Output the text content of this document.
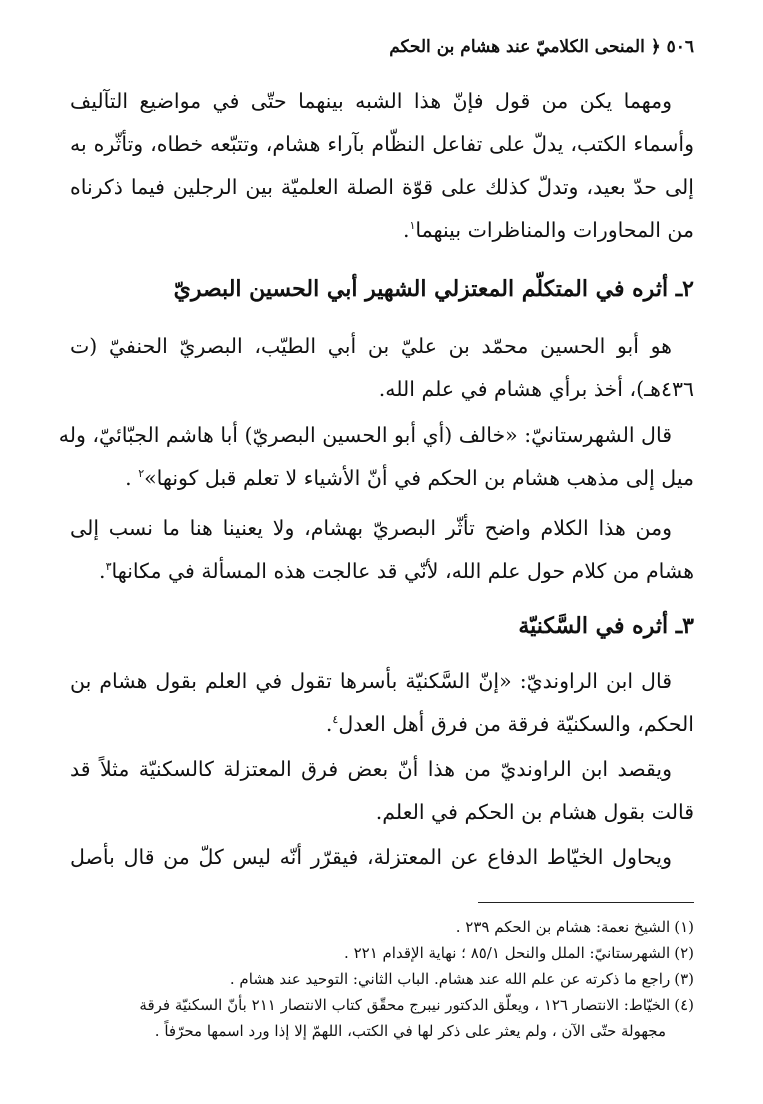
٥٠٦ ﴿ المنحى الكلاميّ عند هشام بن الحكم
ومهما يكن من قول فإنّ هذا الشبه بينهما حتّى في مواضيع التآليف
وأسماء الكتب، يدلّ على تفاعل النظّام بآراء هشام، وتتبّعه خطاه، وتأثّره به
إلى حدّ بعيد، وتدلّ كذلك على قوّة الصلة العلميّة بين الرجلين فيما ذكرناه
من المحاورات والمناظرات بينهما$^١$.
٢ـ أثره في المتكلّم المعتزلي الشهير أبي الحسين البصريّ
هو أبو الحسين محمّد بن عليّ بن أبي الطيّب، البصريّ الحنفيّ (ت
٤٣٦هـ)، أخذ برأي هشام في علم الله.
قال الشهرستانيّ: «خالف (أي أبو الحسين البصريّ) أبا هاشم الجبّائيّ، وله
ميل إلى مذهب هشام بن الحكم في أنّ الأشياء لا تعلم قبل كونها»$^٢$ .
ومن هذا الكلام واضح تأثّر البصريّ بهشام، ولا يعنينا هنا ما نسب إلى
هشام من كلام حول علم الله، لأنّي قد عالجت هذه المسألة في مكانها$^٣$.
٣ـ أثره في السَّكنيّة
قال ابن الراونديّ: «إنّ السَّكنيّة بأسرها تقول في العلم بقول هشام بن
الحكم، والسكنيّة فرقة من فرق أهل العدل$^٤$.
ويقصد ابن الراونديّ من هذا أنّ بعض فرق المعتزلة كالسكنيّة مثلاً قد
قالت بقول هشام بن الحكم في العلم.
ويحاول الخيّاط الدفاع عن المعتزلة، فيقرّر أنّه ليس كلّ من قال بأصل
(١)الشيخ نعمة: هشام بن الحكم ٢٣٩ .
(٢)الشهرستانيّ: الملل والنحل ٨٥/١ ؛ نهاية الإقدام ٢٢١ .
(٣)راجع ما ذكرته عن علم الله عند هشام. الباب الثاني: التوحيد عند هشام .
(٤)الخيّاط: الانتصار ١٢٦ ، ويعلّق الدكتور نيبرج محقّق كتاب الانتصار ٢١١ بأنّ السكنيّة فرقة
مجهولة حتّى الآن ، ولم يعثر على ذكر لها في الكتب، اللهمّ إلا إذا ورد اسمها محرّفاً .
